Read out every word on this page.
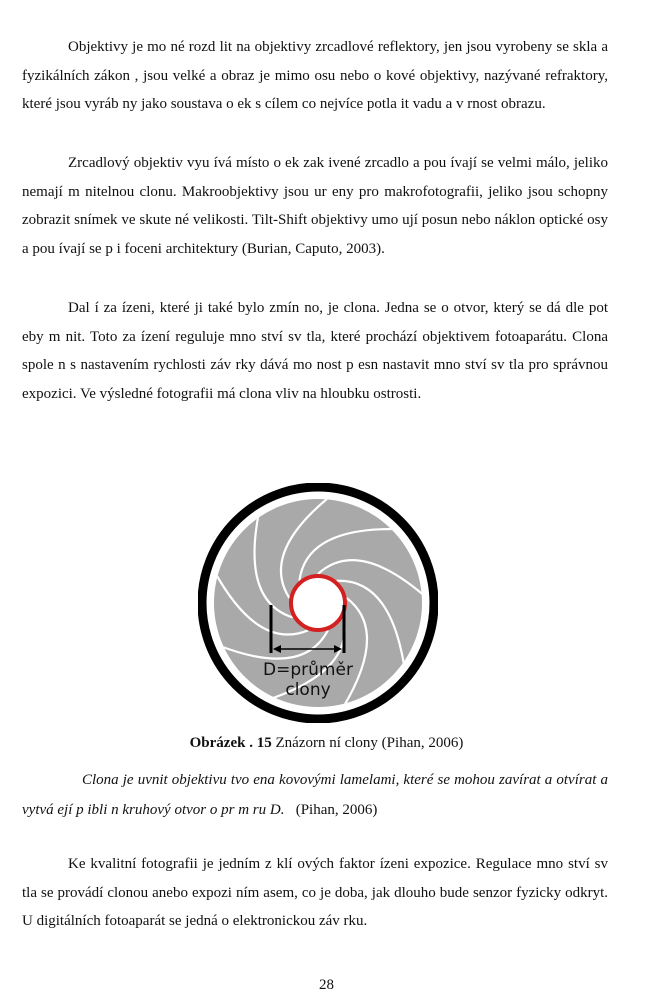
Objektivy je mo né rozd lit na objektivy zrcadlové reflektory, jen jsou vyrobeny se skla a fyzikálních zákon , jsou velké a obraz je mimo osu nebo o kové objektivy, nazývané refraktory, které jsou vyráb ny jako soustava o ek s cílem co nejvíce potla it vadu a v rnost obrazu.

Zrcadlový objektiv vyu ívá místo o ek zak ivené zrcadlo a pou ívají se velmi málo, jeliko nemají m nitelnou clonu. Makroobjektivy jsou ur eny pro makrofotografii, jeliko jsou schopny zobrazit snímek ve skute né velikosti. Tilt-Shift objektivy umo ují posun nebo náklon optické osy a pou ívají se p i foceni architektury (Burian, Caputo, 2003).

Dal í za ízeni, které ji také bylo zmín no, je clona. Jedna se o otvor, který se dá dle pot eby m nit. Toto za ízení reguluje mno ství sv tla, které prochází objektivem fotoaparátu. Clona spole n s nastavením rychlosti záv rky dává mo nost p esn nastavit mno ství sv tla pro správnou expozici. Ve výsledné fotografii má clona vliv na hloubku ostrosti.

D=průměr
clony
Obrázek . 15 Znázorn ní clony (Pihan, 2006)

Clona je uvnit objektivu tvo ena kovovými lamelami, které se mohou zavírat a otvírat a vytvá ejí p ibli n kruhový otvor o pr m ru D. (Pihan, 2006)

Ke kvalitní fotografii je jedním z klí ových faktor ízeni expozice. Regulace mno ství sv tla se provádí clonou anebo expozi ním asem, co je doba, jak dlouho bude senzor fyzicky odkryt. U digitálních fotoaparát se jedná o elektronickou záv rku.

28
